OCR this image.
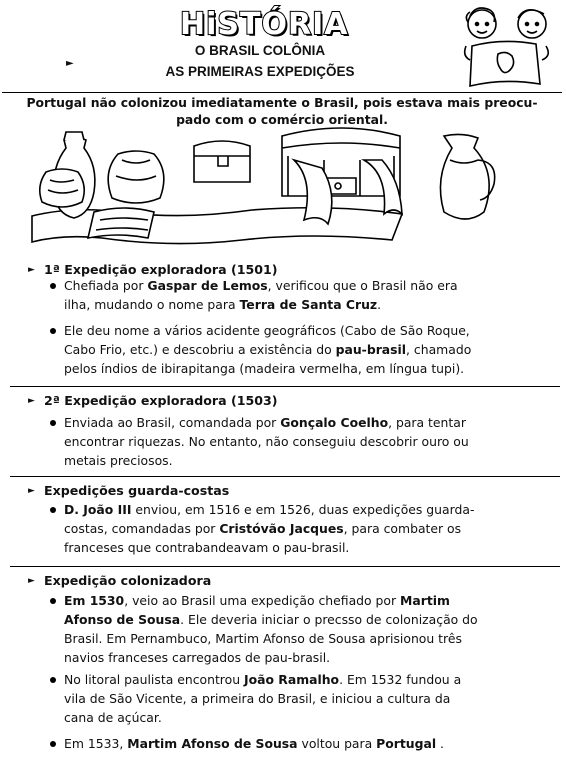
HiSTÓRIA
O BRASIL COLÔNIA
►
AS PRIMEIRAS EXPEDIÇÕES
Portugal não colonizou imediatamente o Brasil, pois estava mais preocu-
pado com o comércio oriental.
► 1ª Expedição exploradora (1501)
Chefiada por Gaspar de Lemos, verificou que o Brasil não era
ilha, mudando o nome para Terra de Santa Cruz.
Ele deu nome a vários acidente geográficos (Cabo de São Roque,
Cabo Frio, etc.) e descobriu a existência do pau-brasil, chamado
pelos índios de ibirapitanga (madeira vermelha, em língua tupi).
► 2ª Expedição exploradora (1503)
Enviada ao Brasil, comandada por Gonçalo Coelho, para tentar
encontrar riquezas. No entanto, não conseguiu descobrir ouro ou
metais preciosos.
► Expedições guarda-costas
D. João III enviou, em 1516 e em 1526, duas expedições guarda-
costas, comandadas por Cristóvão Jacques, para combater os
franceses que contrabandeavam o pau-brasil.
► Expedição colonizadora
Em 1530, veio ao Brasil uma expedição chefiado por Martim
Afonso de Sousa. Ele deveria iniciar o precsso de colonização do
Brasil. Em Pernambuco, Martim Afonso de Sousa aprisionou três
navios franceses carregados de pau-brasil.
No litoral paulista encontrou João Ramalho. Em 1532 fundou a
vila de São Vicente, a primeira do Brasil, e iniciou a cultura da
cana de açúcar.
Em 1533, Martim Afonso de Sousa voltou para Portugal .
